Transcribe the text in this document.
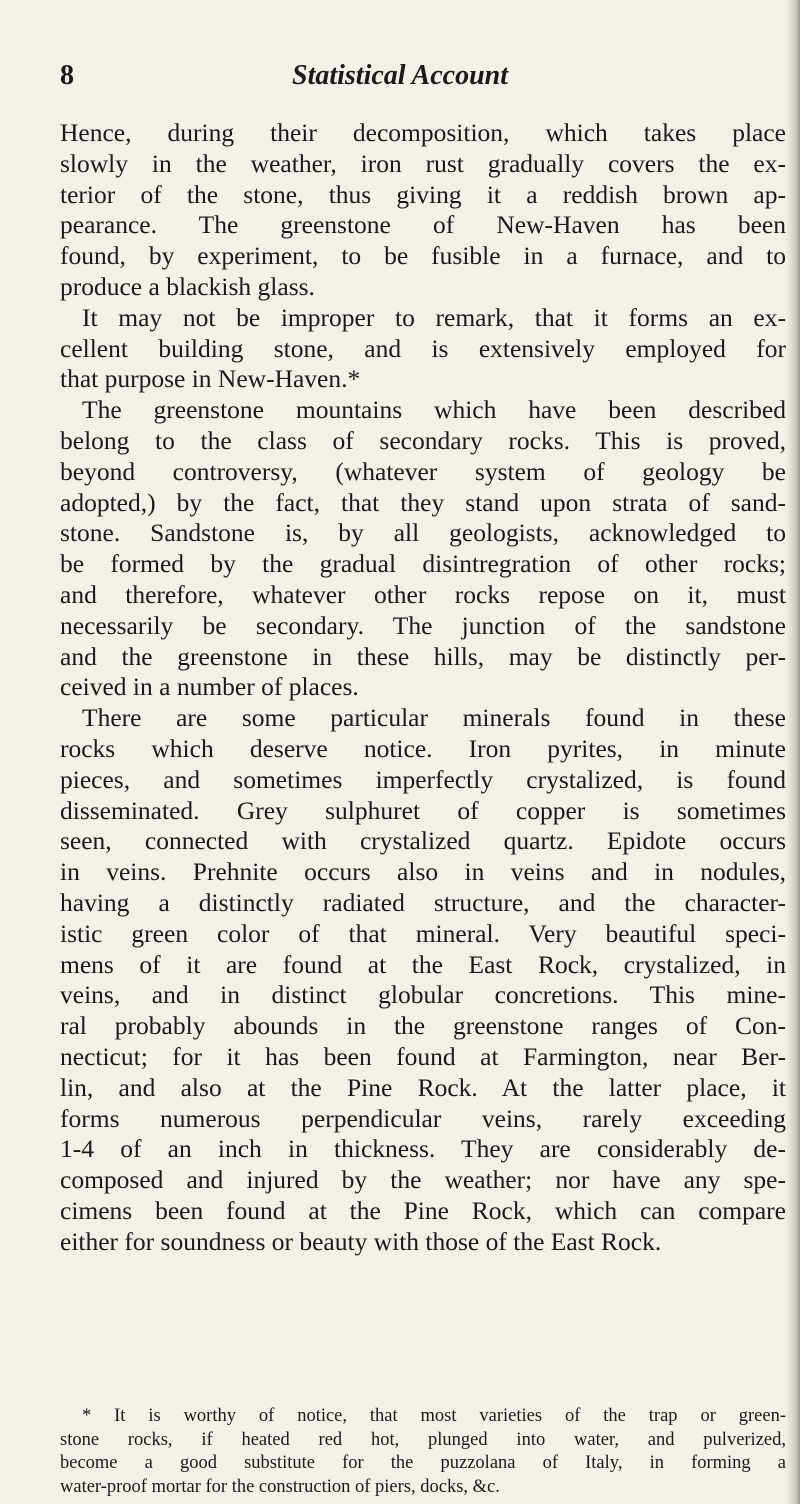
8	Statistical Account
Hence, during their decomposition, which takes place
slowly in the weather, iron rust gradually covers the ex-
terior of the stone, thus giving it a reddish brown ap-
pearance. The greenstone of New-Haven has been
found, by experiment, to be fusible in a furnace, and to
produce a blackish glass.
It may not be improper to remark, that it forms an ex-
cellent building stone, and is extensively employed for
that purpose in New-Haven.*
The greenstone mountains which have been described
belong to the class of secondary rocks. This is proved,
beyond controversy, (whatever system of geology be
adopted,) by the fact, that they stand upon strata of sand-
stone. Sandstone is, by all geologists, acknowledged to
be formed by the gradual disintregration of other rocks;
and therefore, whatever other rocks repose on it, must
necessarily be secondary. The junction of the sandstone
and the greenstone in these hills, may be distinctly per-
ceived in a number of places.
There are some particular minerals found in these
rocks which deserve notice. Iron pyrites, in minute
pieces, and sometimes imperfectly crystalized, is found
disseminated. Grey sulphuret of copper is sometimes
seen, connected with crystalized quartz. Epidote occurs
in veins. Prehnite occurs also in veins and in nodules,
having a distinctly radiated structure, and the character-
istic green color of that mineral. Very beautiful speci-
mens of it are found at the East Rock, crystalized, in
veins, and in distinct globular concretions. This mine-
ral probably abounds in the greenstone ranges of Con-
necticut; for it has been found at Farmington, near Ber-
lin, and also at the Pine Rock. At the latter place, it
forms numerous perpendicular veins, rarely exceeding
1-4 of an inch in thickness. They are considerably de-
composed and injured by the weather; nor have any spe-
cimens been found at the Pine Rock, which can compare
either for soundness or beauty with those of the East Rock.
* It is worthy of notice, that most varieties of the trap or green-
stone rocks, if heated red hot, plunged into water, and pulverized,
become a good substitute for the puzzolana of Italy, in forming a
water-proof mortar for the construction of piers, docks, &c.
